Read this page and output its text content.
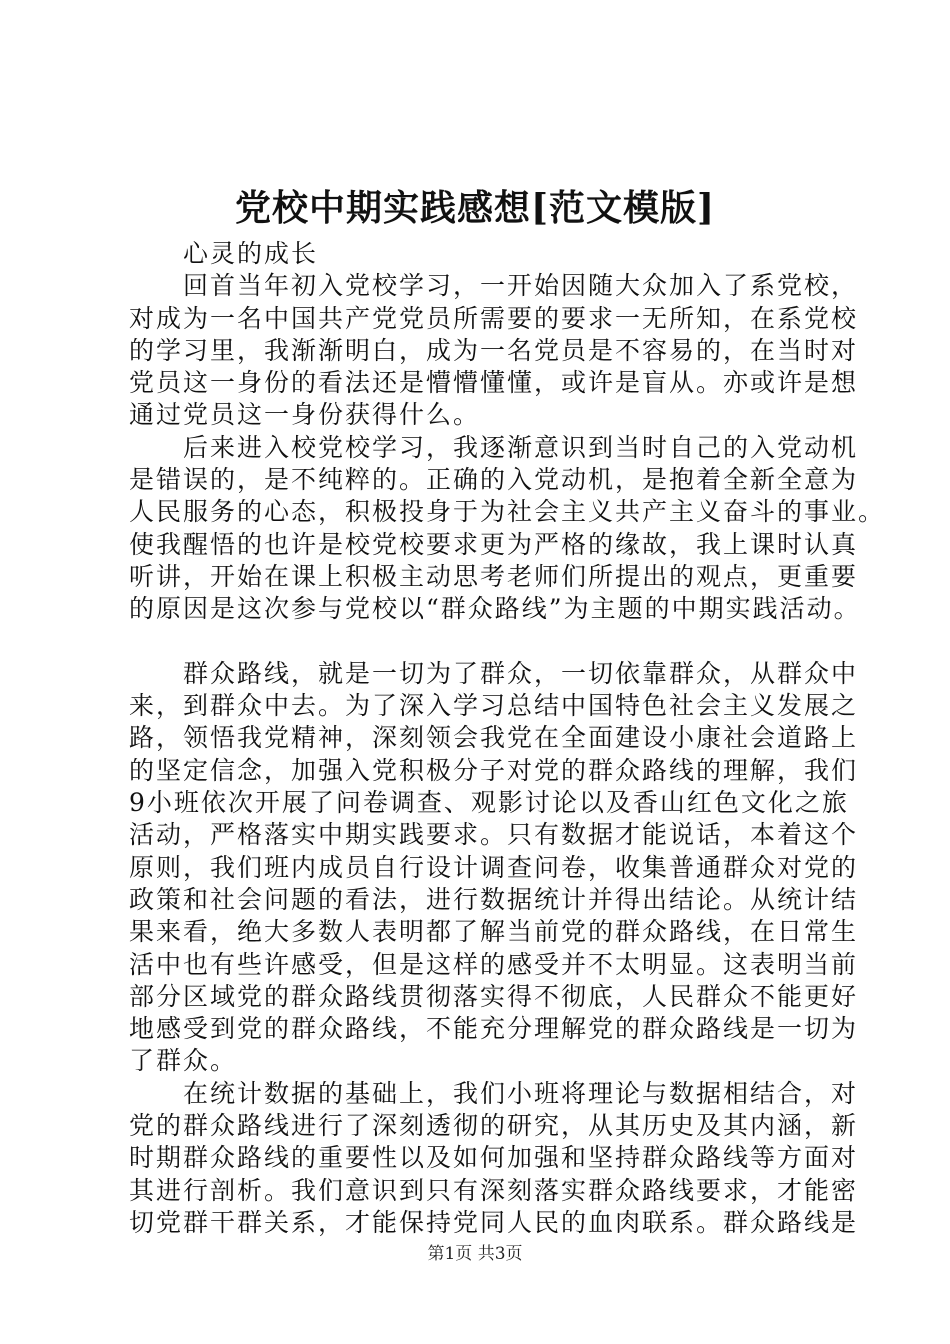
党校中期实践感想[范文模版]
心灵的成长
回首当年初入党校学习，一开始因随大众加入了系党校，
对成为一名中国共产党党员所需要的要求一无所知，在系党校
的学习里，我渐渐明白，成为一名党员是不容易的，在当时对
党员这一身份的看法还是懵懵懂懂，或许是盲从。亦或许是想
通过党员这一身份获得什么。
后来进入校党校学习，我逐渐意识到当时自己的入党动机
是错误的，是不纯粹的。正确的入党动机，是抱着全新全意为
人民服务的心态，积极投身于为社会主义共产主义奋斗的事业。
使我醒悟的也许是校党校要求更为严格的缘故，我上课时认真
听讲，开始在课上积极主动思考老师们所提出的观点，更重要
的原因是这次参与党校以“群众路线”为主题的中期实践活动。
群众路线，就是一切为了群众，一切依靠群众，从群众中
来，到群众中去。为了深入学习总结中国特色社会主义发展之
路，领悟我党精神，深刻领会我党在全面建设小康社会道路上
的坚定信念，加强入党积极分子对党的群众路线的理解，我们
9小班依次开展了问卷调查、观影讨论以及香山红色文化之旅
活动，严格落实中期实践要求。只有数据才能说话，本着这个
原则，我们班内成员自行设计调查问卷，收集普通群众对党的
政策和社会问题的看法，进行数据统计并得出结论。从统计结
果来看，绝大多数人表明都了解当前党的群众路线，在日常生
活中也有些许感受，但是这样的感受并不太明显。这表明当前
部分区域党的群众路线贯彻落实得不彻底，人民群众不能更好
地感受到党的群众路线，不能充分理解党的群众路线是一切为
了群众。
在统计数据的基础上，我们小班将理论与数据相结合，对
党的群众路线进行了深刻透彻的研究，从其历史及其内涵，新
时期群众路线的重要性以及如何加强和坚持群众路线等方面对
其进行剖析。我们意识到只有深刻落实群众路线要求，才能密
切党群干群关系，才能保持党同人民的血肉联系。群众路线是
第1页 共3页
